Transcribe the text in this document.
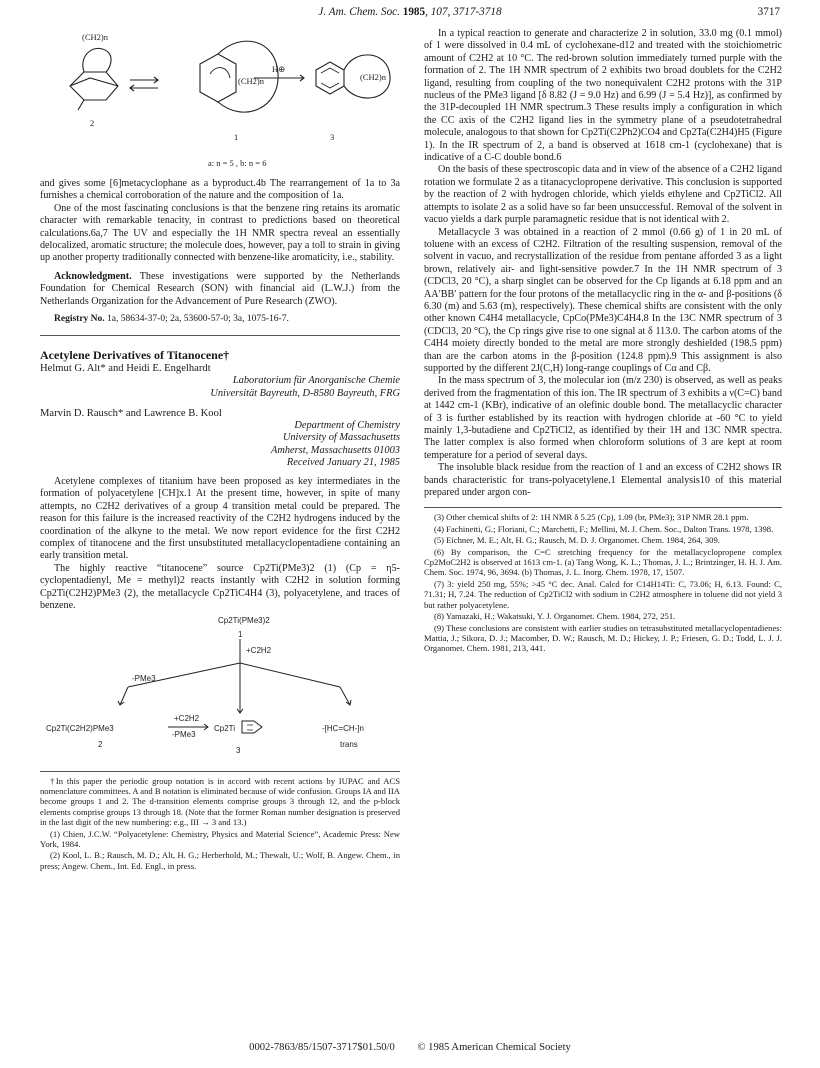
J. Am. Chem. Soc. 1985, 107, 3717-3718	3717
(CH2)n
2
(CH2)n	(CH2)n
H⊕
1	3
a: n = 5 , b: n = 6

and gives some [6]metacyclophane as a byproduct.4b The rearrangement of 1a to 3a furnishes a chemical corroboration of the nature and the composition of 1a.

One of the most fascinating conclusions is that the benzene ring retains its aromatic character with remarkable tenacity, in contrast to predictions based on theoretical calculations.6a,7 The UV and especially the 1H NMR spectra reveal an essentially delocalized, aromatic structure; the molecule does, however, pay a toll to strain in giving up another property traditionally connected with benzene-like aromaticity, i.e., stability.

Acknowledgment. These investigations were supported by the Netherlands Foundation for Chemical Research (SON) with financial aid (L.W.J.) from the Netherlands Organization for the Advancement of Pure Research (ZWO).

Registry No. 1a, 58634-37-0; 2a, 53600-57-0; 3a, 1075-16-7.

Acetylene Derivatives of Titanocene†

Helmut G. Alt* and Heidi E. Engelhardt

Laboratorium für Anorganische Chemie

Universität Bayreuth, D-8580 Bayreuth, FRG

Marvin D. Rausch* and Lawrence B. Kool

Department of Chemistry

University of Massachusetts

Amherst, Massachusetts 01003

Received January 21, 1985

Acetylene complexes of titanium have been proposed as key intermediates in the formation of polyacetylene [CH]x.1 At the present time, however, in spite of many attempts, no C2H2 derivatives of a group 4 transition metal could be prepared. The reason for this failure is the increased reactivity of the C2H2 hydrogens induced by the coordination of the alkyne to the metal. We now report evidence for the first C2H2 complex of titanocene and the first unsubstituted metallacyclopentadiene containing an early transition metal.

The highly reactive “titanocene” source Cp2Ti(PMe3)2 (1) (Cp = η5-cyclopentadienyl, Me = methyl)2 reacts instantly with C2H2 in solution forming Cp2Ti(C2H2)PMe3 (2), the metallacycle Cp2TiC4H4 (3), polyacetylene, and traces of benzene.

Cp2Ti(PMe3)2
1
+C2H2
-PMe3
Cp2Ti(C2H2)PMe3
2
+C2H2
-PMe3
Cp2Ti
3
-[HC=CH-]n
trans

†In this paper the periodic group notation is in accord with recent actions by IUPAC and ACS nomenclature committees. A and B notation is eliminated because of wide confusion. Groups IA and IIA become groups 1 and 2. The d-transition elements comprise groups 3 through 12, and the p-block elements comprise groups 13 through 18. (Note that the former Roman number designation is preserved in the last digit of the new numbering: e.g., III → 3 and 13.)

(1) Chien, J.C.W. “Polyacetylene: Chemistry, Physics and Material Science”, Academic Press: New York, 1984.

(2) Kool, L. B.; Rausch, M. D.; Alt, H. G.; Herberhold, M.; Thewalt, U.; Wolf, B. Angew. Chem., in press; Angew. Chem., Int. Ed. Engl., in press.

In a typical reaction to generate and characterize 2 in solution, 33.0 mg (0.1 mmol) of 1 were dissolved in 0.4 mL of cyclohexane-d12 and treated with the stoichiometric amount of C2H2 at 10 °C. The red-brown solution immediately turned purple with the formation of 2. The 1H NMR spectrum of 2 exhibits two broad doublets for the C2H2 ligand, resulting from coupling of the two nonequivalent C2H2 protons with the 31P nucleus of the PMe3 ligand [δ 8.82 (J = 9.0 Hz) and 6.99 (J = 5.4 Hz)], as confirmed by the 31P-decoupled 1H NMR spectrum.3 These results imply a configuration in which the CC axis of the C2H2 ligand lies in the symmetry plane of a pseudotetrahedral molecule, analogous to that shown for Cp2Ti(C2Ph2)CO4 and Cp2Ta(C2H4)H5 (Figure 1). In the IR spectrum of 2, a band is observed at 1618 cm-1 (cyclohexane) that is indicative of a C-C double bond.6

On the basis of these spectroscopic data and in view of the absence of a C2H2 ligand rotation we formulate 2 as a titanacyclopropene derivative. This conclusion is supported by the reaction of 2 with hydrogen chloride, which yields ethylene and Cp2TiCl2. All attempts to isolate 2 as a solid have so far been unsuccessful. Removal of the solvent in vacuo yields a dark purple paramagnetic residue that is not identical with 2.

Metallacycle 3 was obtained in a reaction of 2 mmol (0.66 g) of 1 in 20 mL of toluene with an excess of C2H2. Filtration of the resulting suspension, removal of the solvent in vacuo, and recrystallization of the residue from pentane afforded 3 as a light brown, relatively air- and light-sensitive powder.7 In the 1H NMR spectrum of 3 (CDCl3, 20 °C), a sharp singlet can be observed for the Cp ligands at 6.18 ppm and an AA′BB′ pattern for the four protons of the metallacyclic ring in the α- and β-positions (δ 6.30 (m) and 5.63 (m), respectively). These chemical shifts are consistent with the only other known C4H4 metallacycle, CpCo(PMe3)C4H4.8 In the 13C NMR spectrum of 3 (CDCl3, 20 °C), the Cp rings give rise to one signal at δ 113.0. The carbon atoms of the C4H4 moiety directly bonded to the metal are more strongly deshielded (198.5 ppm) than are the carbon atoms in the β-position (124.8 ppm).9 This assignment is also supported by the different 2J(C,H) long-range couplings of Cα and Cβ.

In the mass spectrum of 3, the molecular ion (m/z 230) is observed, as well as peaks derived from the fragmentation of this ion. The IR spectrum of 3 exhibits a ν(C=C) band at 1442 cm-1 (KBr), indicative of an olefinic double bond. The metallacyclic character of 3 is further established by its reaction with hydrogen chloride at -60 °C to yield mainly 1,3-butadiene and Cp2TiCl2, as identified by their 1H and 13C NMR spectra. The latter complex is also formed when chloroform solutions of 3 are kept at room temperature for a period of several days.

The insoluble black residue from the reaction of 1 and an excess of C2H2 shows IR bands characteristic for trans-polyacetylene.1 Elemental analysis10 of this material prepared under argon con-

(3) Other chemical shifts of 2: 1H NMR δ 5.25 (Cp), 1.09 (br, PMe3); 31P NMR 28.1 ppm.

(4) Fachinetti, G.; Floriani, C.; Marchetti, F.; Mellini, M. J. Chem. Soc., Dalton Trans. 1978, 1398.

(5) Eichner, M. E.; Alt, H. G.; Rausch, M. D. J. Organomet. Chem. 1984, 264, 309.

(6) By comparison, the C=C stretching frequency for the metallacyclopropene complex Cp2MoC2H2 is observed at 1613 cm-1. (a) Tang Wong, K. L.; Thomas, J. L.; Brintzinger, H. H. J. Am. Chem. Soc. 1974, 96, 3694. (b) Thomas, J. L. Inorg. Chem. 1978, 17, 1507.

(7) 3: yield 250 mg, 55%; >45 °C dec. Anal. Calcd for C14H14Ti: C, 73.06; H, 6.13. Found: C, 71.31; H, 7.24. The reduction of Cp2TiCl2 with sodium in C2H2 atmosphere in toluene did not yield 3 but rather polyacetylene.

(8) Yamazaki, H.; Wakatsuki, Y. J. Organomet. Chem. 1984, 272, 251.

(9) These conclusions are consistent with earlier studies on tetrasubstituted metallacyclopentadienes: Mattia, J.; Sikora, D. J.; Macomber, D. W.; Rausch, M. D.; Hickey, J. P.; Friesen, G. D.; Todd, L. J. J. Organomet. Chem. 1981, 213, 441.

0002-7863/85/1507-3717$01.50/0 © 1985 American Chemical Society
